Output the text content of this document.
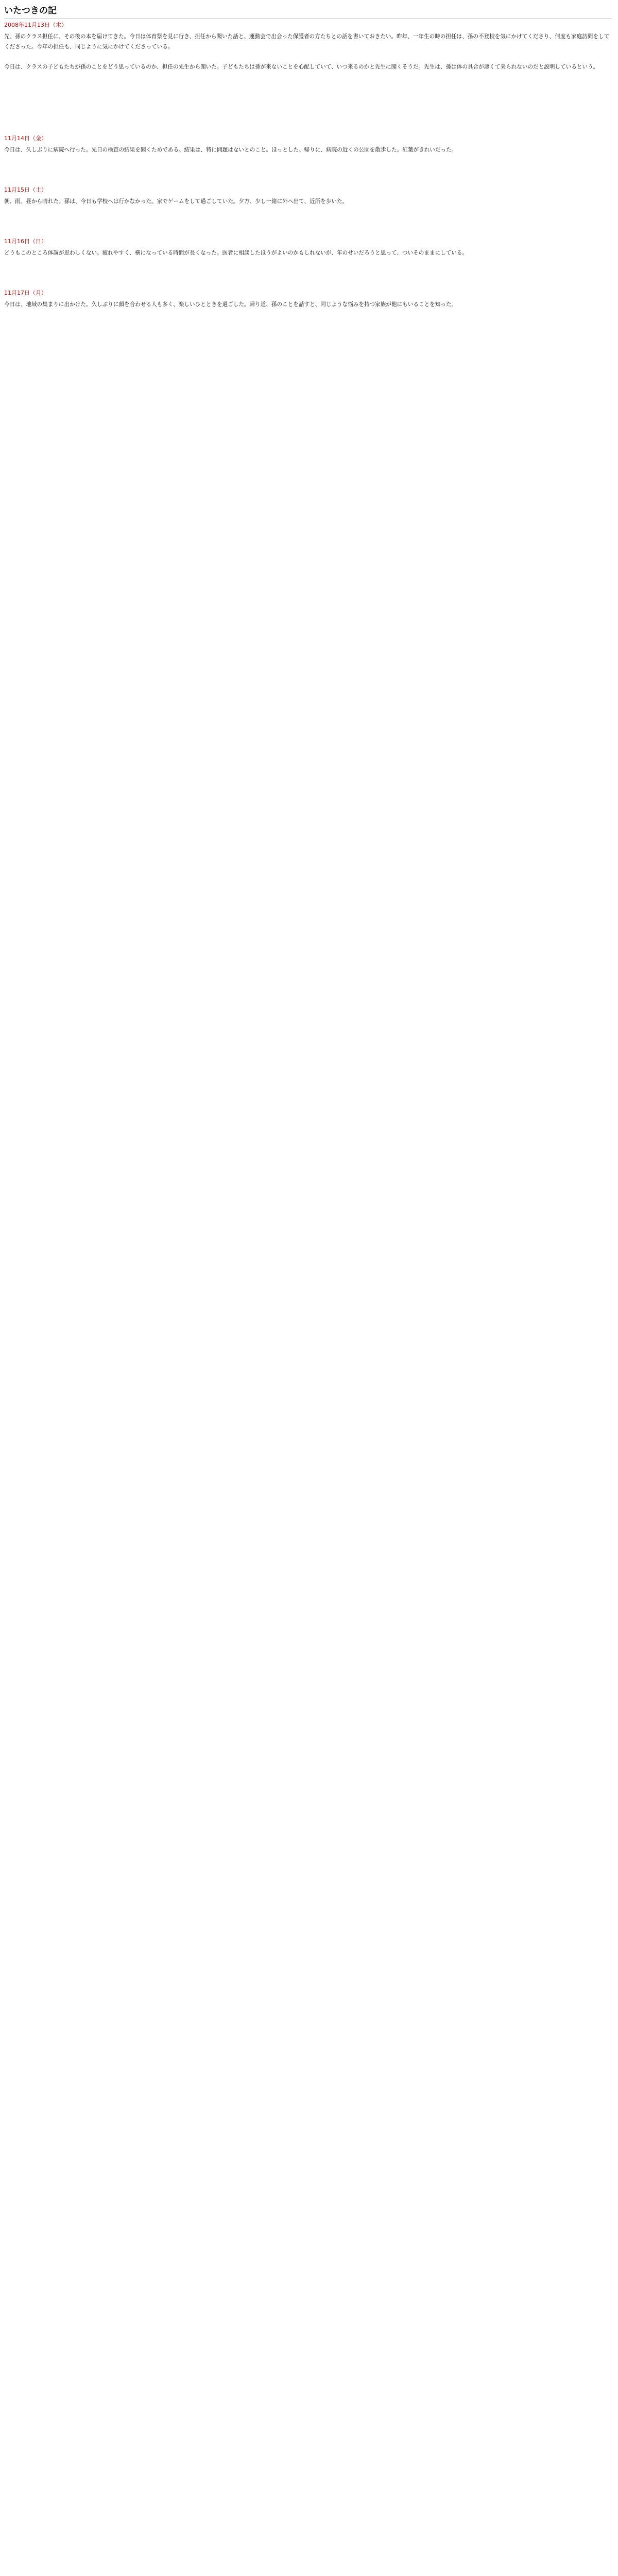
いたつきの記
2008年11月13日（木）

先、孫のクラス担任に、その後の本を届けてきた。今日は体育祭を見に行き、担任から聞いた話と、運動会で出会った保護者の方たちとの話を書いておきたい。昨年、一年生の時の担任は、孫の不登校を気にかけてくださり、何度も家庭訪問をしてくださった。今年の担任も、同じように気にかけてくださっている。

今日は、クラスの子どもたちが孫のことをどう思っているのか、担任の先生から聞いた。子どもたちは孫が来ないことを心配していて、いつ来るのかと先生に聞くそうだ。先生は、孫は体の具合が悪くて来られないのだと説明しているという。

11月14日（金）

今日は、久しぶりに病院へ行った。先日の検査の結果を聞くためである。結果は、特に問題はないとのこと。ほっとした。帰りに、病院の近くの公園を散歩した。紅葉がきれいだった。

11月15日（土）

朝、雨。昼から晴れた。孫は、今日も学校へは行かなかった。家でゲームをして過ごしていた。夕方、少し一緒に外へ出て、近所を歩いた。

11月16日（日）

どうもこのところ体調が思わしくない。疲れやすく、横になっている時間が長くなった。医者に相談したほうがよいのかもしれないが、年のせいだろうと思って、ついそのままにしている。

11月17日（月）

今日は、地域の集まりに出かけた。久しぶりに顔を合わせる人も多く、楽しいひとときを過ごした。帰り道、孫のことを話すと、同じような悩みを持つ家族が他にもいることを知った。
